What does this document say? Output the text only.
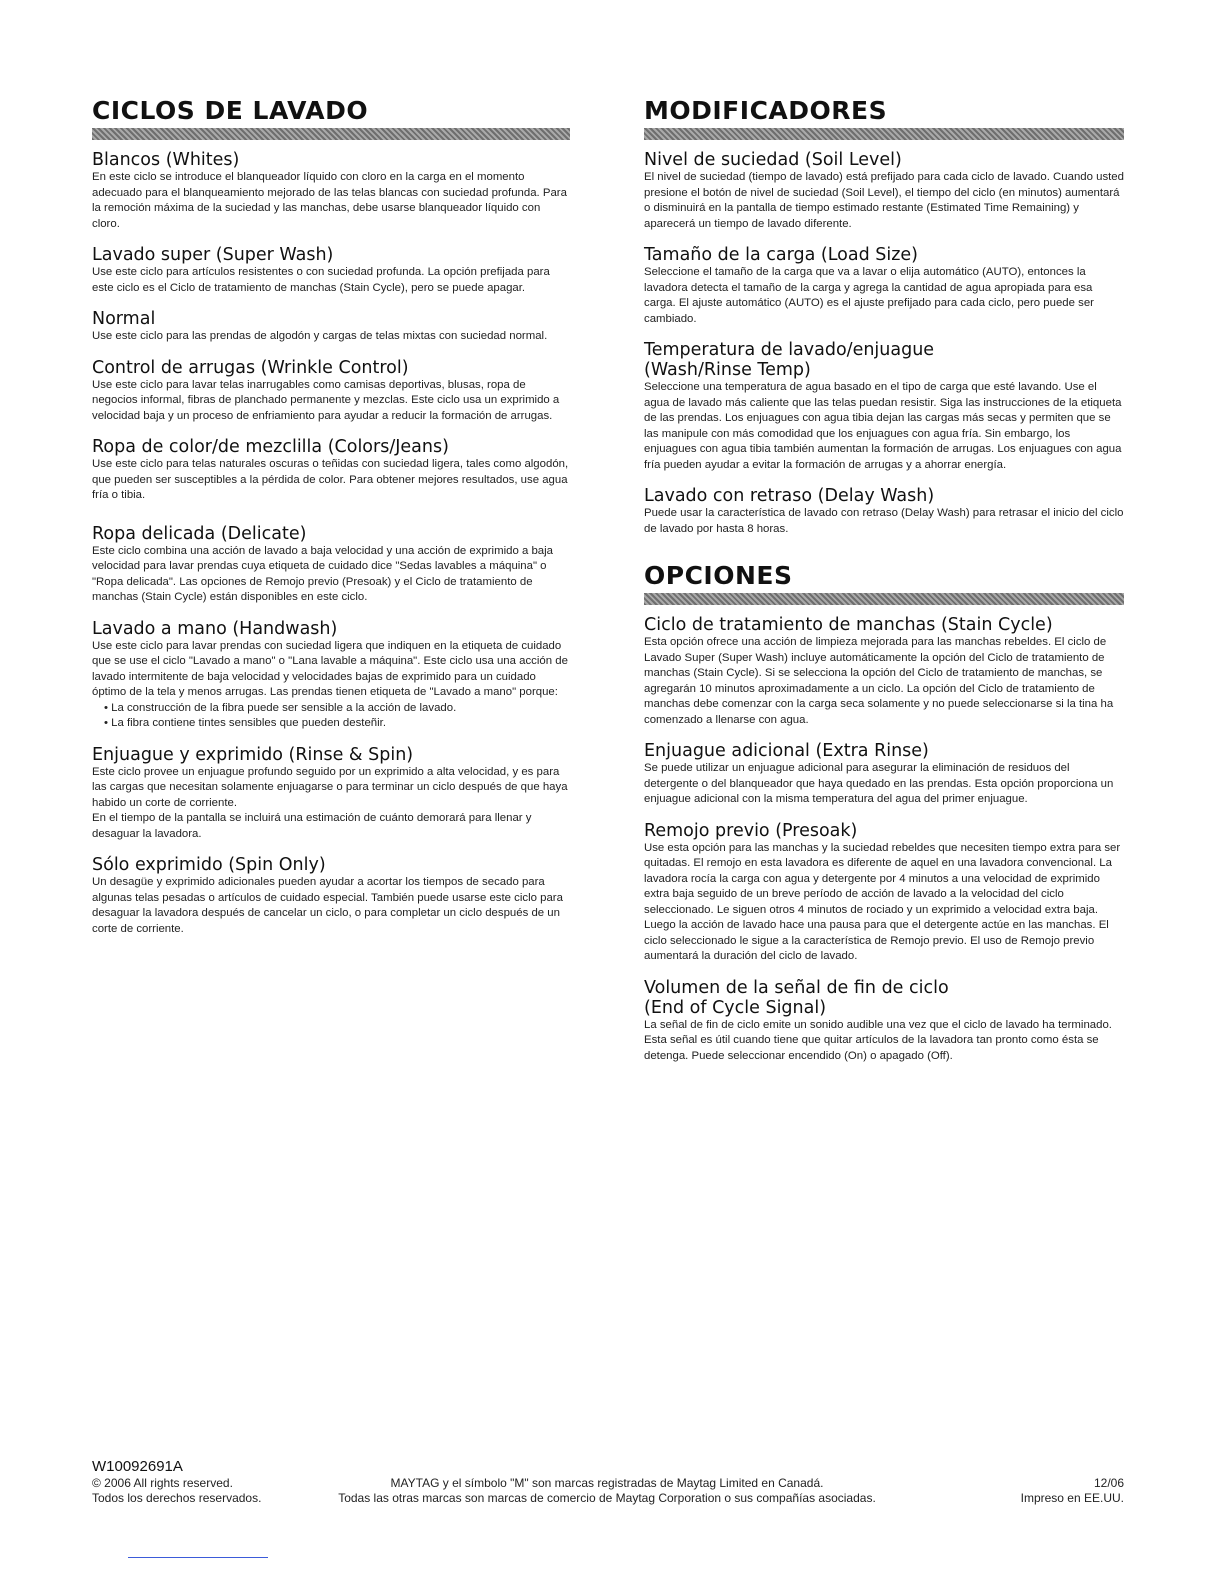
CICLOS DE LAVADO
Blancos (Whites)

En este ciclo se introduce el blanqueador líquido con cloro en la carga en el momento adecuado para el blanqueamiento mejorado de las telas blancas con suciedad profunda. Para la remoción máxima de la suciedad y las manchas, debe usarse blanqueador líquido con cloro.

Lavado super (Super Wash)

Use este ciclo para artículos resistentes o con suciedad profunda. La opción prefijada para este ciclo es el Ciclo de tratamiento de manchas (Stain Cycle), pero se puede apagar.

Normal

Use este ciclo para las prendas de algodón y cargas de telas mixtas con suciedad normal.

Control de arrugas (Wrinkle Control)

Use este ciclo para lavar telas inarrugables como camisas deportivas, blusas, ropa de negocios informal, fibras de planchado permanente y mezclas. Este ciclo usa un exprimido a velocidad baja y un proceso de enfriamiento para ayudar a reducir la formación de arrugas.

Ropa de color/de mezclilla (Colors/Jeans)

Use este ciclo para telas naturales oscuras o teñidas con suciedad ligera, tales como algodón, que pueden ser susceptibles a la pérdida de color. Para obtener mejores resultados, use agua fría o tibia.

Ropa delicada (Delicate)

Este ciclo combina una acción de lavado a baja velocidad y una acción de exprimido a baja velocidad para lavar prendas cuya etiqueta de cuidado dice "Sedas lavables a máquina" o "Ropa delicada". Las opciones de Remojo previo (Presoak) y el Ciclo de tratamiento de manchas (Stain Cycle) están disponibles en este ciclo.

Lavado a mano (Handwash)

Use este ciclo para lavar prendas con suciedad ligera que indiquen en la etiqueta de cuidado que se use el ciclo "Lavado a mano" o "Lana lavable a máquina". Este ciclo usa una acción de lavado intermitente de baja velocidad y velocidades bajas de exprimido para un cuidado óptimo de la tela y menos arrugas. Las prendas tienen etiqueta de "Lavado a mano" porque:

• La construcción de la fibra puede ser sensible a la acción de lavado.
• La fibra contiene tintes sensibles que pueden desteñir.
Enjuague y exprimido (Rinse & Spin)

Este ciclo provee un enjuague profundo seguido por un exprimido a alta velocidad, y es para las cargas que necesitan solamente enjuagarse o para terminar un ciclo después de que haya habido un corte de corriente.

En el tiempo de la pantalla se incluirá una estimación de cuánto demorará para llenar y desaguar la lavadora.

Sólo exprimido (Spin Only)

Un desagüe y exprimido adicionales pueden ayudar a acortar los tiempos de secado para algunas telas pesadas o artículos de cuidado especial. También puede usarse este ciclo para desaguar la lavadora después de cancelar un ciclo, o para completar un ciclo después de un corte de corriente.

MODIFICADORES
Nivel de suciedad (Soil Level)

El nivel de suciedad (tiempo de lavado) está prefijado para cada ciclo de lavado. Cuando usted presione el botón de nivel de suciedad (Soil Level), el tiempo del ciclo (en minutos) aumentará o disminuirá en la pantalla de tiempo estimado restante (Estimated Time Remaining) y aparecerá un tiempo de lavado diferente.

Tamaño de la carga (Load Size)

Seleccione el tamaño de la carga que va a lavar o elija automático (AUTO), entonces la lavadora detecta el tamaño de la carga y agrega la cantidad de agua apropiada para esa carga. El ajuste automático (AUTO) es el ajuste prefijado para cada ciclo, pero puede ser cambiado.

Temperatura de lavado/enjuague
(Wash/Rinse Temp)

Seleccione una temperatura de agua basado en el tipo de carga que esté lavando. Use el agua de lavado más caliente que las telas puedan resistir. Siga las instrucciones de la etiqueta de las prendas. Los enjuagues con agua tibia dejan las cargas más secas y permiten que se las manipule con más comodidad que los enjuagues con agua fría. Sin embargo, los enjuagues con agua tibia también aumentan la formación de arrugas. Los enjuagues con agua fría pueden ayudar a evitar la formación de arrugas y a ahorrar energía.

Lavado con retraso (Delay Wash)

Puede usar la característica de lavado con retraso (Delay Wash) para retrasar el inicio del ciclo de lavado por hasta 8 horas.

OPCIONES
Ciclo de tratamiento de manchas (Stain Cycle)

Esta opción ofrece una acción de limpieza mejorada para las manchas rebeldes. El ciclo de Lavado Super (Super Wash) incluye automáticamente la opción del Ciclo de tratamiento de manchas (Stain Cycle). Si se selecciona la opción del Ciclo de tratamiento de manchas, se agregarán 10 minutos aproximadamente a un ciclo. La opción del Ciclo de tratamiento de manchas debe comenzar con la carga seca solamente y no puede seleccionarse si la tina ha comenzado a llenarse con agua.

Enjuague adicional (Extra Rinse)

Se puede utilizar un enjuague adicional para asegurar la eliminación de residuos del detergente o del blanqueador que haya quedado en las prendas. Esta opción proporciona un enjuague adicional con la misma temperatura del agua del primer enjuague.

Remojo previo (Presoak)

Use esta opción para las manchas y la suciedad rebeldes que necesiten tiempo extra para ser quitadas. El remojo en esta lavadora es diferente de aquel en una lavadora convencional. La lavadora rocía la carga con agua y detergente por 4 minutos a una velocidad de exprimido extra baja seguido de un breve período de acción de lavado a la velocidad del ciclo seleccionado. Le siguen otros 4 minutos de rociado y un exprimido a velocidad extra baja. Luego la acción de lavado hace una pausa para que el detergente actúe en las manchas. El ciclo seleccionado le sigue a la característica de Remojo previo. El uso de Remojo previo aumentará la duración del ciclo de lavado.

Volumen de la señal de fin de ciclo
(End of Cycle Signal)

La señal de fin de ciclo emite un sonido audible una vez que el ciclo de lavado ha terminado. Esta señal es útil cuando tiene que quitar artículos de la lavadora tan pronto como ésta se detenga. Puede seleccionar encendido (On) o apagado (Off).

W10092691A
© 2006 All rights reserved.
Todos los derechos reservados.
MAYTAG y el símbolo "M" son marcas registradas de Maytag Limited en Canadá.
Todas las otras marcas son marcas de comercio de Maytag Corporation o sus compañías asociadas.
12/06
Impreso en EE.UU.
